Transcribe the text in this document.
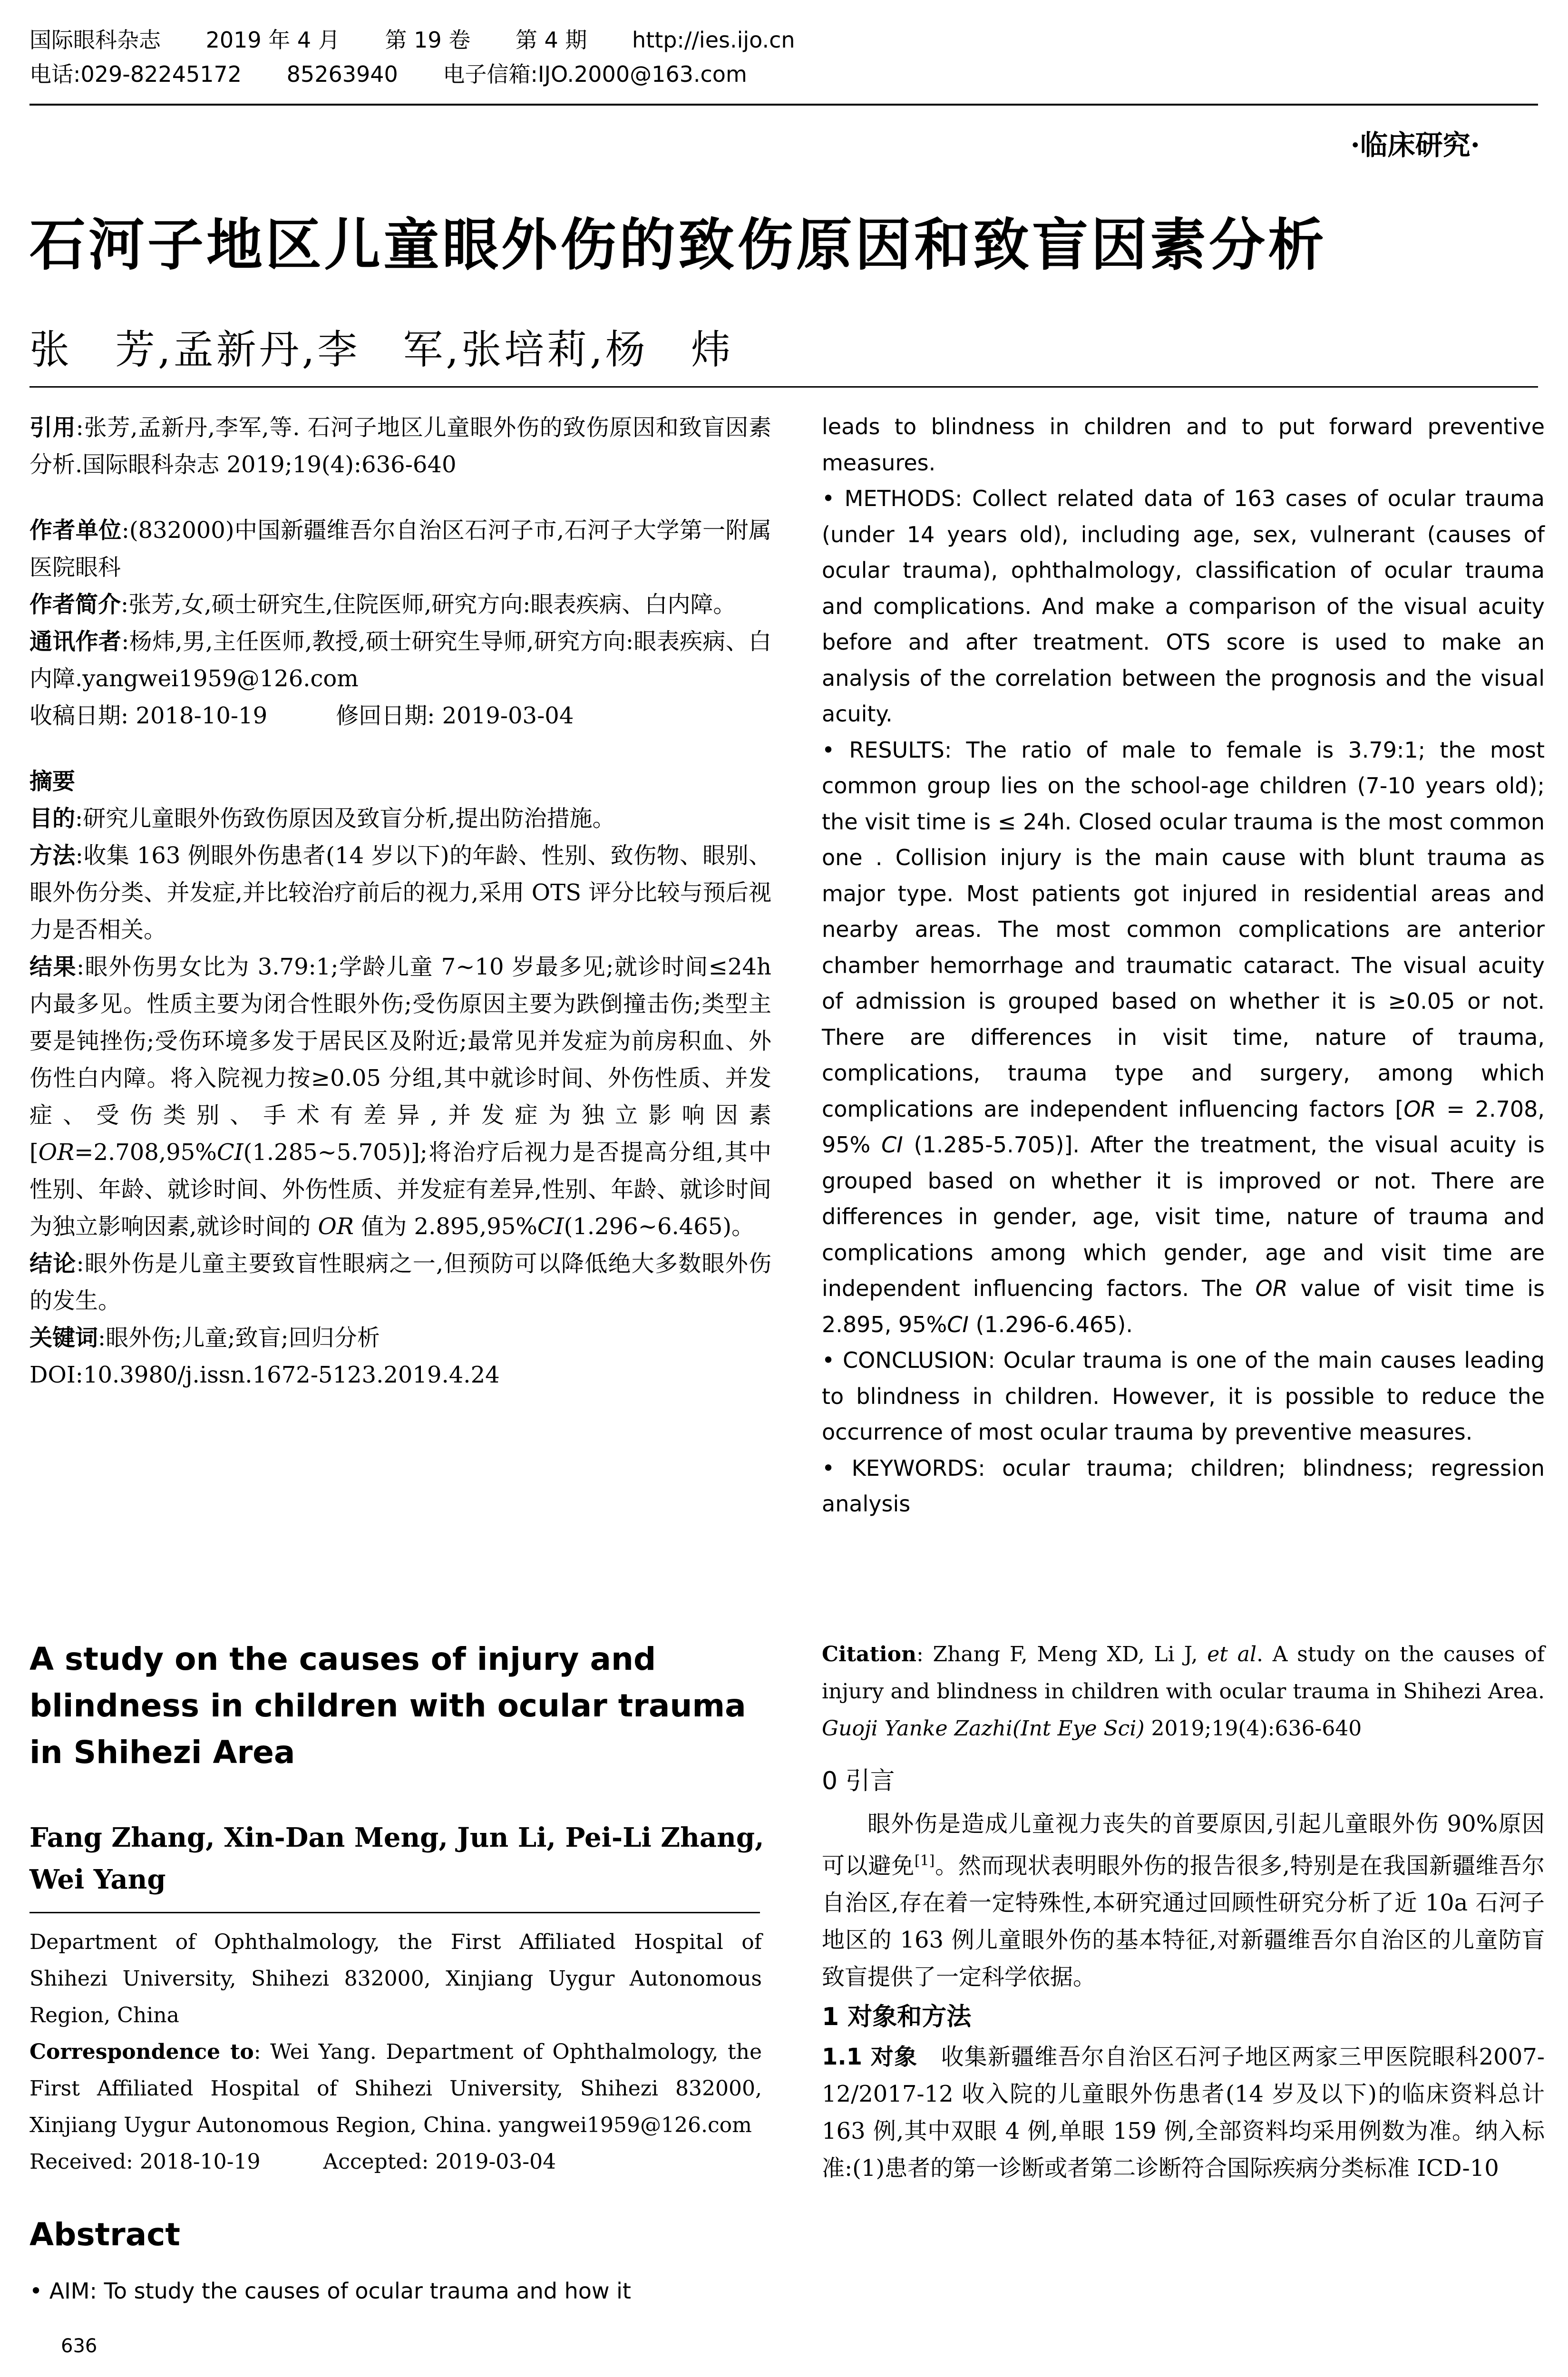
国际眼科杂志 2019 年 4 月 第 19 卷 第 4 期 http://ies.ijo.cn
电话:029-82245172 85263940 电子信箱:IJO.2000@163.com
·临床研究·
石河子地区儿童眼外伤的致伤原因和致盲因素分析
张　芳,孟新丹,李　军,张培莉,杨　炜

引用:张芳,孟新丹,李军,等. 石河子地区儿童眼外伤的致伤原因和致盲因素分析.国际眼科杂志 2019;19(4):636-640

作者单位:(832000)中国新疆维吾尔自治区石河子市,石河子大学第一附属医院眼科

作者简介:张芳,女,硕士研究生,住院医师,研究方向:眼表疾病、白内障。

通讯作者:杨炜,男,主任医师,教授,硕士研究生导师,研究方向:眼表疾病、白内障.yangwei1959@126.com

收稿日期: 2018-10-19　　　	修回日期: 2019-03-04

摘要

目的:研究儿童眼外伤致伤原因及致盲分析,提出防治措施。

方法:收集 163 例眼外伤患者(14 岁以下)的年龄、性别、致伤物、眼别、眼外伤分类、并发症,并比较治疗前后的视力,采用 OTS 评分比较与预后视力是否相关。

结果:眼外伤男女比为 3.79:1;学龄儿童 7~10 岁最多见;就诊时间≤24h 内最多见。性质主要为闭合性眼外伤;受伤原因主要为跌倒撞击伤;类型主要是钝挫伤;受伤环境多发于居民区及附近;最常见并发症为前房积血、外伤性白内障。将入院视力按≥0.05 分组,其中就诊时间、外伤性质、并发症、受伤类别、手术有差异,并发症为独立影响因素[OR=2.708,95%CI(1.285~5.705)];将治疗后视力是否提高分组,其中性别、年龄、就诊时间、外伤性质、并发症有差异,性别、年龄、就诊时间为独立影响因素,就诊时间的 OR 值为 2.895,95%CI(1.296~6.465)。

结论:眼外伤是儿童主要致盲性眼病之一,但预防可以降低绝大多数眼外伤的发生。

关键词:眼外伤;儿童;致盲;回归分析

DOI:10.3980/j.issn.1672-5123.2019.4.24

A study on the causes of injury and blindness in children with ocular trauma in Shihezi Area
Fang Zhang, Xin-Dan Meng, Jun Li, Pei-Li Zhang, Wei Yang

Department of Ophthalmology, the First Affiliated Hospital of Shihezi University, Shihezi 832000, Xinjiang Uygur Autonomous Region, China

Correspondence to: Wei Yang. Department of Ophthalmology, the First Affiliated Hospital of Shihezi University, Shihezi 832000, Xinjiang Uygur Autonomous Region, China. yangwei1959@126.com

Received: 2018-10-19　　　	Accepted: 2019-03-04

Abstract
• AIM: To study the causes of ocular trauma and how it
636

leads to blindness in children and to put forward preventive measures.

• METHODS: Collect related data of 163 cases of ocular trauma (under 14 years old), including age, sex, vulnerant (causes of ocular trauma), ophthalmology, classification of ocular trauma and complications. And make a comparison of the visual acuity before and after treatment. OTS score is used to make an analysis of the correlation between the prognosis and the visual acuity.

• RESULTS: The ratio of male to female is 3.79:1; the most common group lies on the school-age children (7-10 years old); the visit time is ≤ 24h. Closed ocular trauma is the most common one . Collision injury is the main cause with blunt trauma as major type. Most patients got injured in residential areas and nearby areas. The most common complications are anterior chamber hemorrhage and traumatic cataract. The visual acuity of admission is grouped based on whether it is ≥0.05 or not. There are differences in visit time, nature of trauma, complications, trauma type and surgery, among which complications are independent influencing factors [OR = 2.708, 95% CI (1.285-5.705)]. After the treatment, the visual acuity is grouped based on whether it is improved or not. There are differences in gender, age, visit time, nature of trauma and complications among which gender, age and visit time are independent influencing factors. The OR value of visit time is 2.895, 95%CI (1.296-6.465).

• CONCLUSION: Ocular trauma is one of the main causes leading to blindness in children. However, it is possible to reduce the occurrence of most ocular trauma by preventive measures.

• KEYWORDS: ocular trauma; children; blindness; regression analysis

Citation: Zhang F, Meng XD, Li J, et al. A study on the causes of injury and blindness in children with ocular trauma in Shihezi Area. Guoji Yanke Zazhi(Int Eye Sci) 2019;19(4):636-640

0 引言

眼外伤是造成儿童视力丧失的首要原因,引起儿童眼外伤 90%原因可以避免[1]。然而现状表明眼外伤的报告很多,特别是在我国新疆维吾尔自治区,存在着一定特殊性,本研究通过回顾性研究分析了近 10a 石河子地区的 163 例儿童眼外伤的基本特征,对新疆维吾尔自治区的儿童防盲致盲提供了一定科学依据。

1 对象和方法

1.1 对象　收集新疆维吾尔自治区石河子地区两家三甲医院眼科2007-12/2017-12 收入院的儿童眼外伤患者(14 岁及以下)的临床资料总计 163 例,其中双眼 4 例,单眼 159 例,全部资料均采用例数为准。纳入标准:(1)患者的第一诊断或者第二诊断符合国际疾病分类标准 ICD-10
